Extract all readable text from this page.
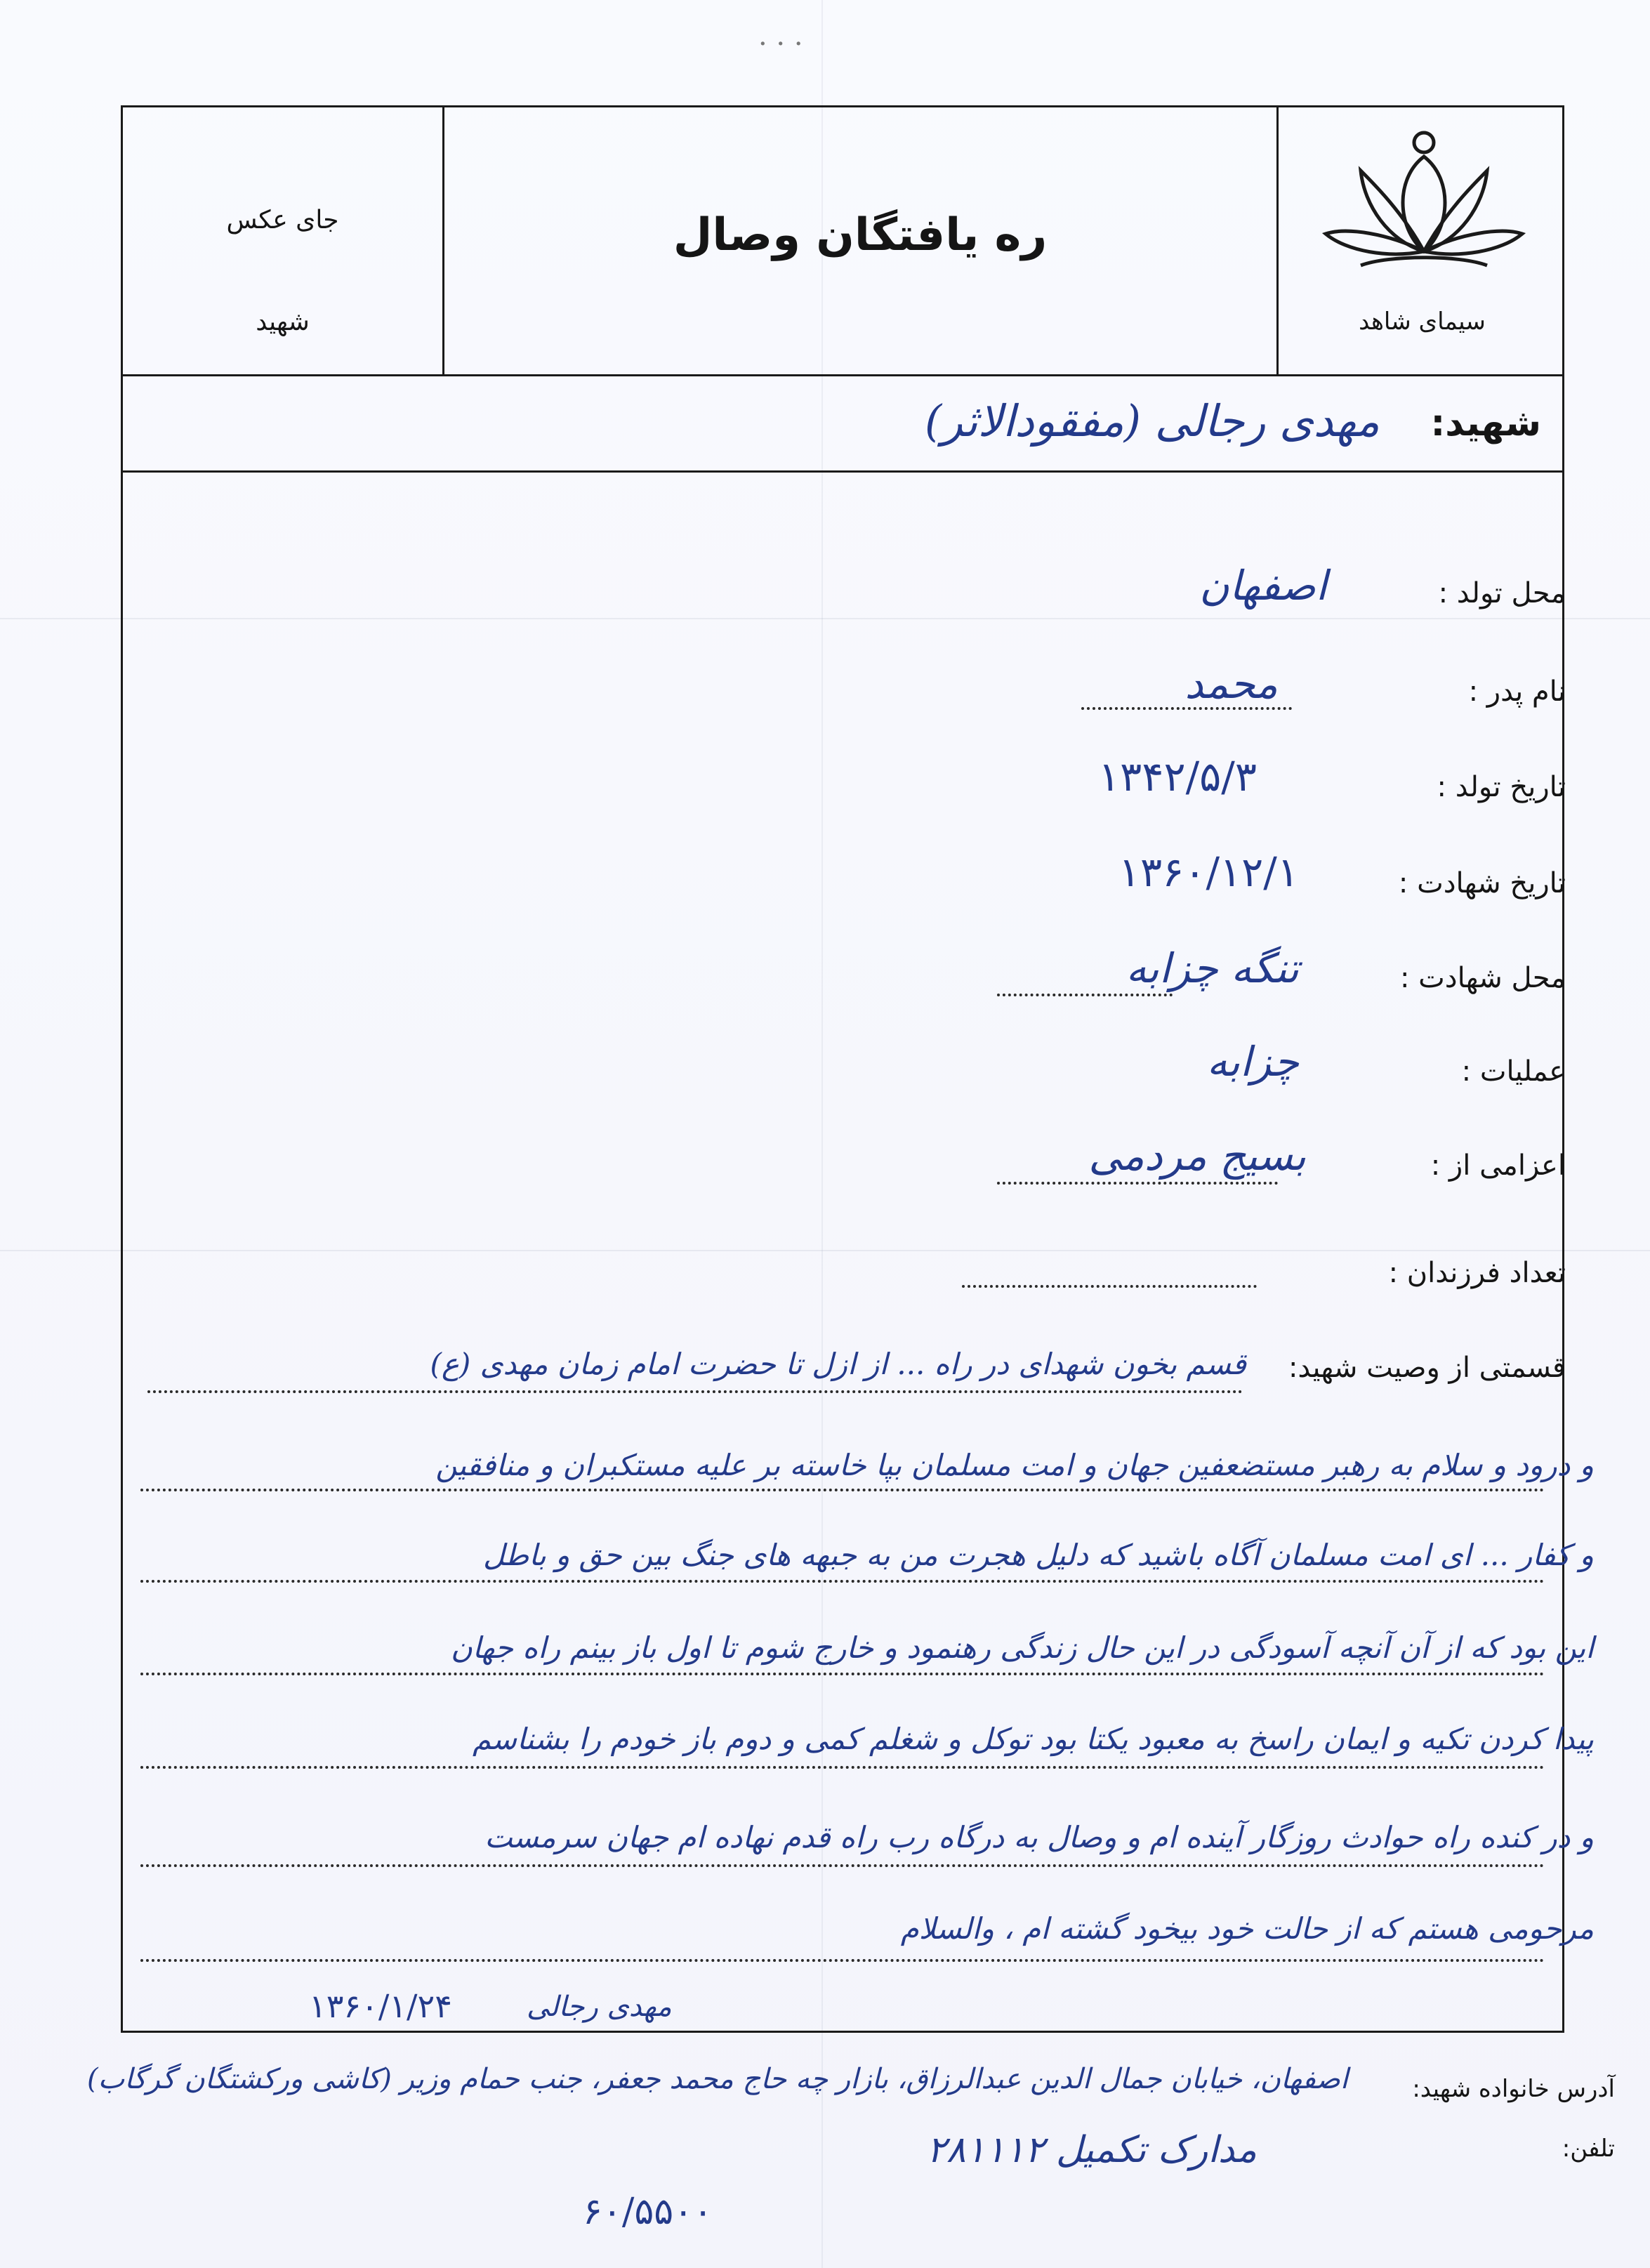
· · ·
سیمای شاهد
ره یافتگان وصال
جای عکس
شهید
شهید:
مهدی رجالی (مفقودالاثر)
محل تولد :
اصفهان
نام پدر :
محمد
تاریخ تولد :
۱۳۴۲/۵/۳
تاریخ شهادت :
۱۳۶۰/۱۲/۱
محل شهادت :
تنگه چزابه
عملیات :
چزابه
اعزامی از :
بسیج مردمی
تعداد فرزندان :
قسمتی از وصیت شهید:
قسم بخون شهدای در راه ... از ازل تا حضرت امام زمان مهدی (ع)
و درود و سلام به رهبر مستضعفین جهان و امت مسلمان بپا خاسته بر علیه مستکبران و منافقین
و کفار ... ای امت مسلمان آگاه باشید که دلیل هجرت من به جبهه های جنگ بین حق و باطل
این بود که از آن آنچه آسودگی در این حال زندگی رهنمود و خارج شوم تا اول باز بینم راه جهان
پیدا کردن تکیه و ایمان راسخ به معبود یکتا بود توکل و شغلم کمی و دوم باز خودم را بشناسم
و در کنده راه حوادث روزگار آینده ام و وصال به درگاه رب راه قدم نهاده ام جهان سرمست
مرحومی هستم که از حالت خود بیخود گشته ام ، والسلام
مهدی رجالی
۱۳۶۰/۱/۲۴
آدرس خانواده شهید:
اصفهان، خیابان جمال الدین عبدالرزاق، بازار چه حاج محمد جعفر، جنب حمام وزیر (کاشی ورکشتگان گرگاب)
تلفن:
مدارک تکمیل ۲۸۱۱۱۲
۶۰/۵۵۰۰
